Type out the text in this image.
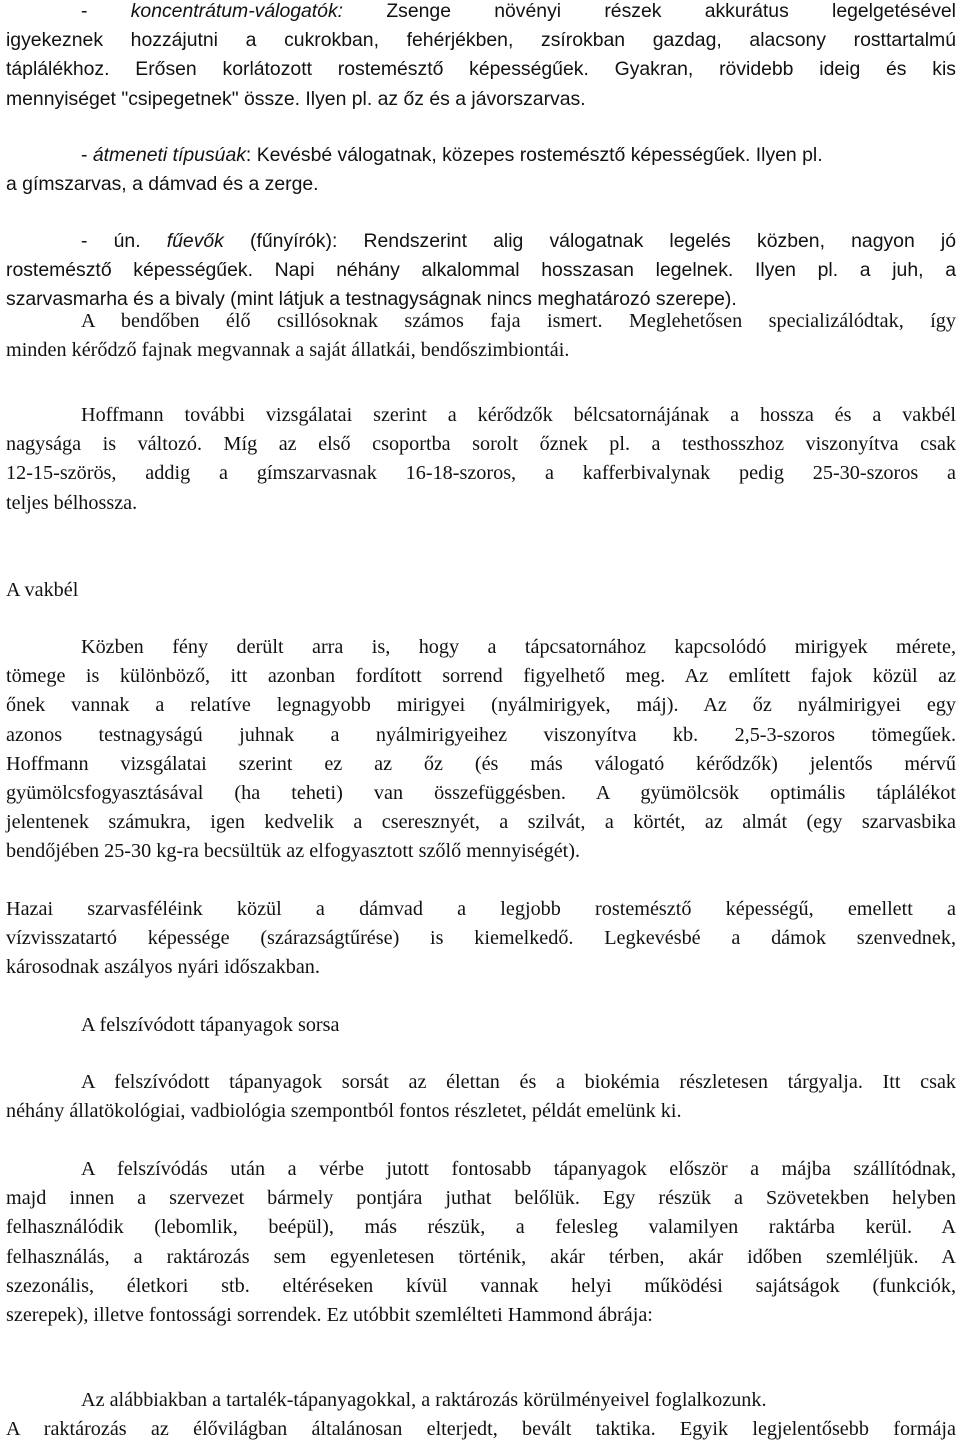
- koncentrátum-válogatók: Zsenge növényi részek akkurátus legelgetésével
igyekeznek hozzájutni a cukrokban, fehérjékben, zsírokban gazdag, alacsony rosttartalmú
táplálékhoz. Erősen korlátozott rostemésztő képességűek. Gyakran, rövidebb ideig és kis
mennyiséget "csipegetnek" össze. Ilyen pl. az őz és a jávorszarvas.
- átmeneti típusúak: Kevésbé válogatnak, közepes rostemésztő képességűek. Ilyen pl.
a gímszarvas, a dámvad és a zerge.
- ún. fűevők (fűnyírók): Rendszerint alig válogatnak legelés közben, nagyon jó
rostemésztő képességűek. Napi néhány alkalommal hosszasan legelnek. Ilyen pl. a juh, a
szarvasmarha és a bivaly (mint látjuk a testnagyságnak nincs meghatározó szerepe).
A bendőben élő csillósoknak számos faja ismert. Meglehetősen specializálódtak, így
minden kérődző fajnak megvannak a saját állatkái, bendőszimbiontái.
Hoffmann további vizsgálatai szerint a kérődzők bélcsatornájának a hossza és a vakbél
nagysága is változó. Míg az első csoportba sorolt őznek pl. a testhosszhoz viszonyítva csak
12-15-szörös, addig a gímszarvasnak 16-18-szoros, a kafferbivalynak pedig 25-30-szoros a
teljes bélhossza.
A vakbél
Közben fény derült arra is, hogy a tápcsatornához kapcsolódó mirigyek mérete,
tömege is különböző, itt azonban fordított sorrend figyelhető meg. Az említett fajok közül az
őnek vannak a relatíve legnagyobb mirigyei (nyálmirigyek, máj). Az őz nyálmirigyei egy
azonos testnagyságú juhnak a nyálmirigyeihez viszonyítva kb. 2,5-3-szoros tömegűek.
Hoffmann vizsgálatai szerint ez az őz (és más válogató kérődzők) jelentős mérvű
gyümölcsfogyasztásával (ha teheti) van összefüggésben. A gyümölcsök optimális táplálékot
jelentenek számukra, igen kedvelik a cseresznyét, a szilvát, a körtét, az almát (egy szarvasbika
bendőjében 25-30 kg-ra becsültük az elfogyasztott szőlő mennyiségét).
Hazai szarvasféléink közül a dámvad a legjobb rostemésztő képességű, emellett a
vízvisszatartó képessége (szárazságtűrése) is kiemelkedő. Legkevésbé a dámok szenvednek,
károsodnak aszályos nyári időszakban.
A felszívódott tápanyagok sorsa
A felszívódott tápanyagok sorsát az élettan és a biokémia részletesen tárgyalja. Itt csak
néhány állatökológiai, vadbiológia szempontból fontos részletet, példát emelünk ki.
A felszívódás után a vérbe jutott fontosabb tápanyagok először a májba szállítódnak,
majd innen a szervezet bármely pontjára juthat belőlük. Egy részük a Szövetekben helyben
felhasználódik (lebomlik, beépül), más részük, a felesleg valamilyen raktárba kerül. A
felhasználás, a raktározás sem egyenletesen történik, akár térben, akár időben szemléljük. A
szezonális, életkori stb. eltéréseken kívül vannak helyi működési sajátságok (funkciók,
szerepek), illetve fontossági sorrendek. Ez utóbbit szemlélteti Hammond ábrája:
Az alábbiakban a tartalék-tápanyagokkal, a raktározás körülményeivel foglalkozunk.
A raktározás az élővilágban általánosan elterjedt, bevált taktika. Egyik legjelentősebb formája
